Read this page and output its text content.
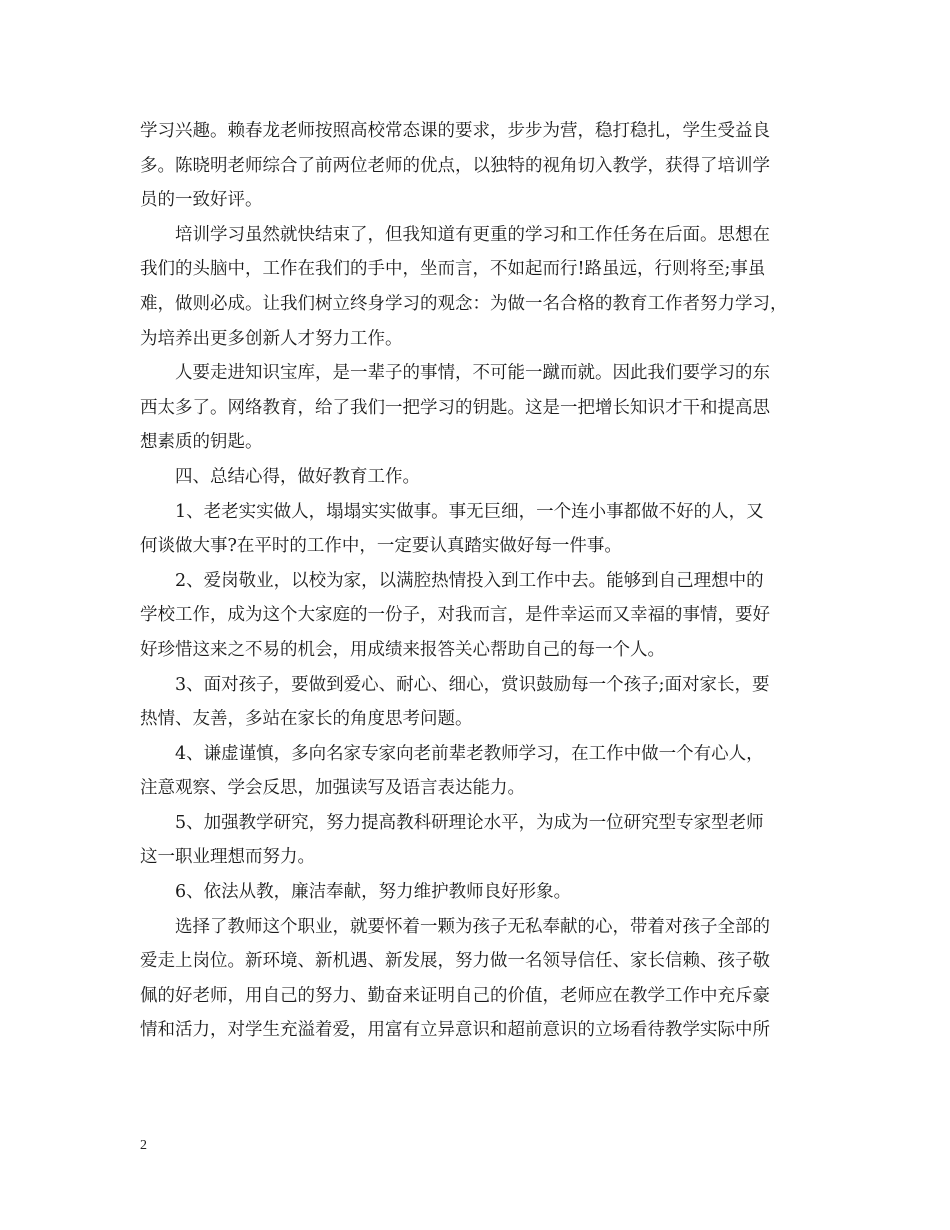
学习兴趣。赖春龙老师按照高校常态课的要求，步步为营，稳打稳扎，学生受益良
多。陈晓明老师综合了前两位老师的优点，以独特的视角切入教学，获得了培训学
员的一致好评。

培训学习虽然就快结束了，但我知道有更重的学习和工作任务在后面。思想在
我们的头脑中，工作在我们的手中，坐而言，不如起而行!路虽远，行则将至;事虽
难，做则必成。让我们树立终身学习的观念：为做一名合格的教育工作者努力学习，
为培养出更多创新人才努力工作。

人要走进知识宝库，是一辈子的事情，不可能一蹴而就。因此我们要学习的东
西太多了。网络教育，给了我们一把学习的钥匙。这是一把增长知识才干和提高思
想素质的钥匙。

四、总结心得，做好教育工作。

1、老老实实做人，塌塌实实做事。事无巨细，一个连小事都做不好的人，又
何谈做大事?在平时的工作中，一定要认真踏实做好每一件事。

2、爱岗敬业，以校为家，以满腔热情投入到工作中去。能够到自己理想中的
学校工作，成为这个大家庭的一份子，对我而言，是件幸运而又幸福的事情，要好
好珍惜这来之不易的机会，用成绩来报答关心帮助自己的每一个人。

3、面对孩子，要做到爱心、耐心、细心，赏识鼓励每一个孩子;面对家长，要
热情、友善，多站在家长的角度思考问题。

4、谦虚谨慎，多向名家专家向老前辈老教师学习，在工作中做一个有心人，
注意观察、学会反思，加强读写及语言表达能力。

5、加强教学研究，努力提高教科研理论水平，为成为一位研究型专家型老师
这一职业理想而努力。

6、依法从教，廉洁奉献，努力维护教师良好形象。

选择了教师这个职业，就要怀着一颗为孩子无私奉献的心，带着对孩子全部的
爱走上岗位。新环境、新机遇、新发展，努力做一名领导信任、家长信赖、孩子敬
佩的好老师，用自己的努力、勤奋来证明自己的价值，老师应在教学工作中充斥豪
情和活力，对学生充溢着爱，用富有立异意识和超前意识的立场看待教学实际中所

2
